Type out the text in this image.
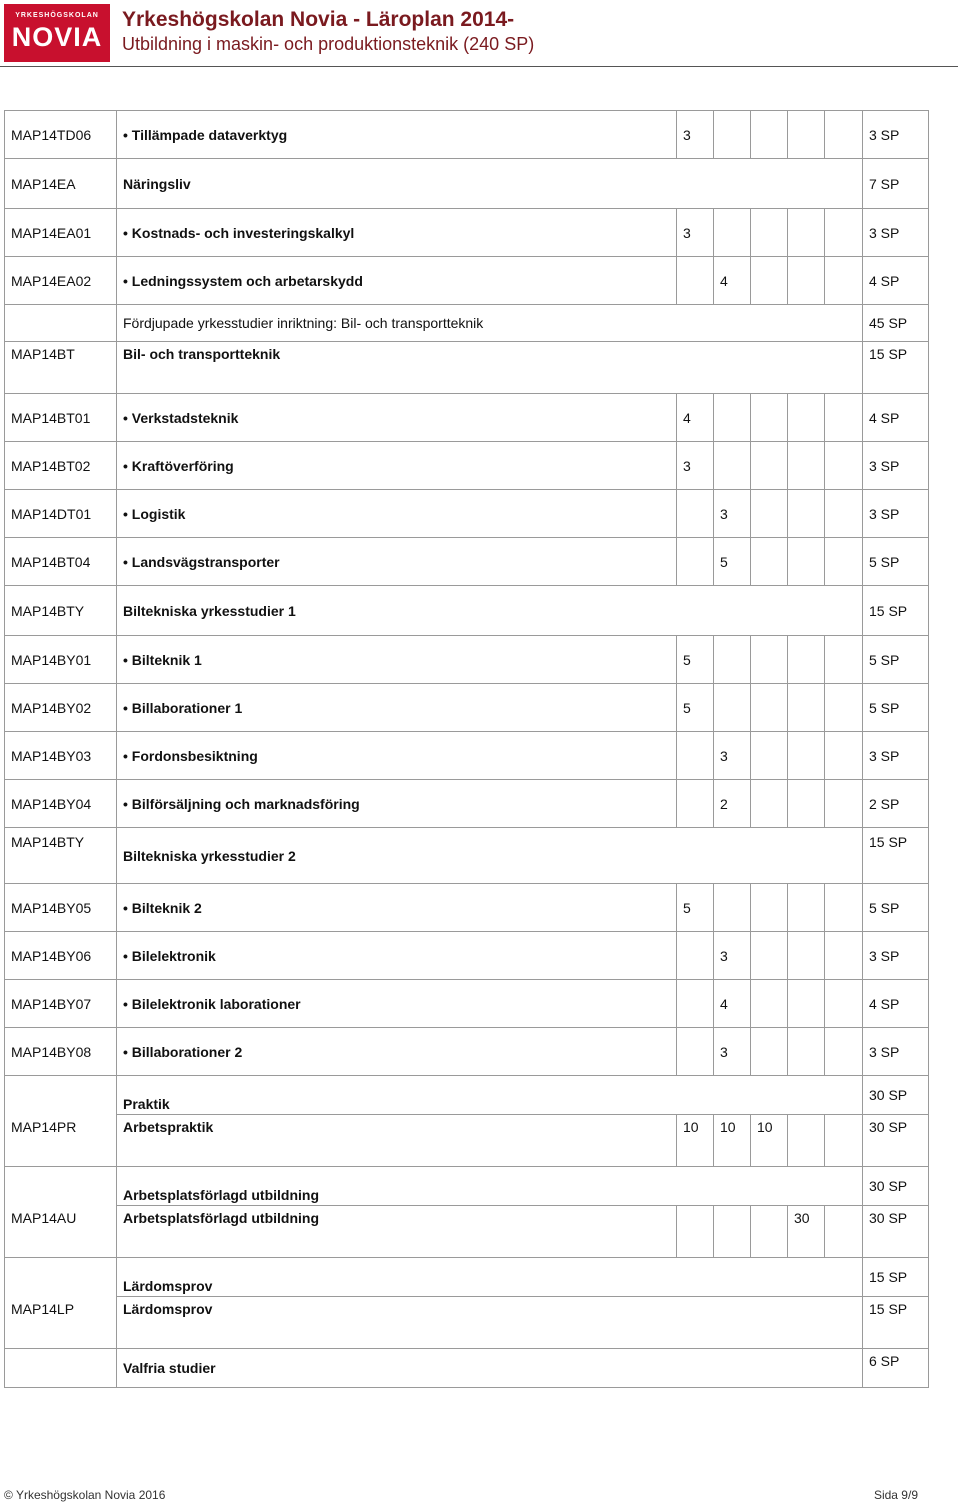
YRKESHÖGSKOLAN
NOVIA
Yrkeshögskolan Novia - Läroplan 2014-
Utbildning i maskin- och produktionsteknik (240 SP)
MAP14TD06	• Tillämpade dataverktyg	3					3 SP
MAP14EA	Näringsliv						7 SP
MAP14EA01	• Kostnads- och investeringskalkyl	3					3 SP
MAP14EA02	• Ledningssystem och arbetarskydd		4				4 SP
	Fördjupade yrkesstudier inriktning: Bil- och transportteknik						45 SP
MAP14BT	Bil- och transportteknik						15 SP
MAP14BT01	• Verkstadsteknik	4					4 SP
MAP14BT02	• Kraftöverföring	3					3 SP
MAP14DT01	• Logistik		3				3 SP
MAP14BT04	• Landsvägstransporter		5				5 SP
MAP14BTY	Biltekniska yrkesstudier 1						15 SP
MAP14BY01	• Bilteknik 1	5					5 SP
MAP14BY02	• Billaborationer 1	5					5 SP
MAP14BY03	• Fordonsbesiktning		3				3 SP
MAP14BY04	• Bilförsäljning och marknadsföring		2				2 SP
MAP14BTY	Biltekniska yrkesstudier 2						15 SP
MAP14BY05	• Bilteknik 2	5					5 SP
MAP14BY06	• Bilelektronik		3				3 SP
MAP14BY07	• Bilelektronik laborationer		4				4 SP
MAP14BY08	• Billaborationer 2		3				3 SP
	Praktik						30 SP
MAP14PR	Arbetspraktik	10	10	10			30 SP
	Arbetsplatsförlagd utbildning						30 SP
MAP14AU	Arbetsplatsförlagd utbildning				30		30 SP
	Lärdomsprov						15 SP
MAP14LP	Lärdomsprov						15 SP
	Valfria studier						6 SP
© Yrkeshögskolan Novia 2016	Sida 9/9
